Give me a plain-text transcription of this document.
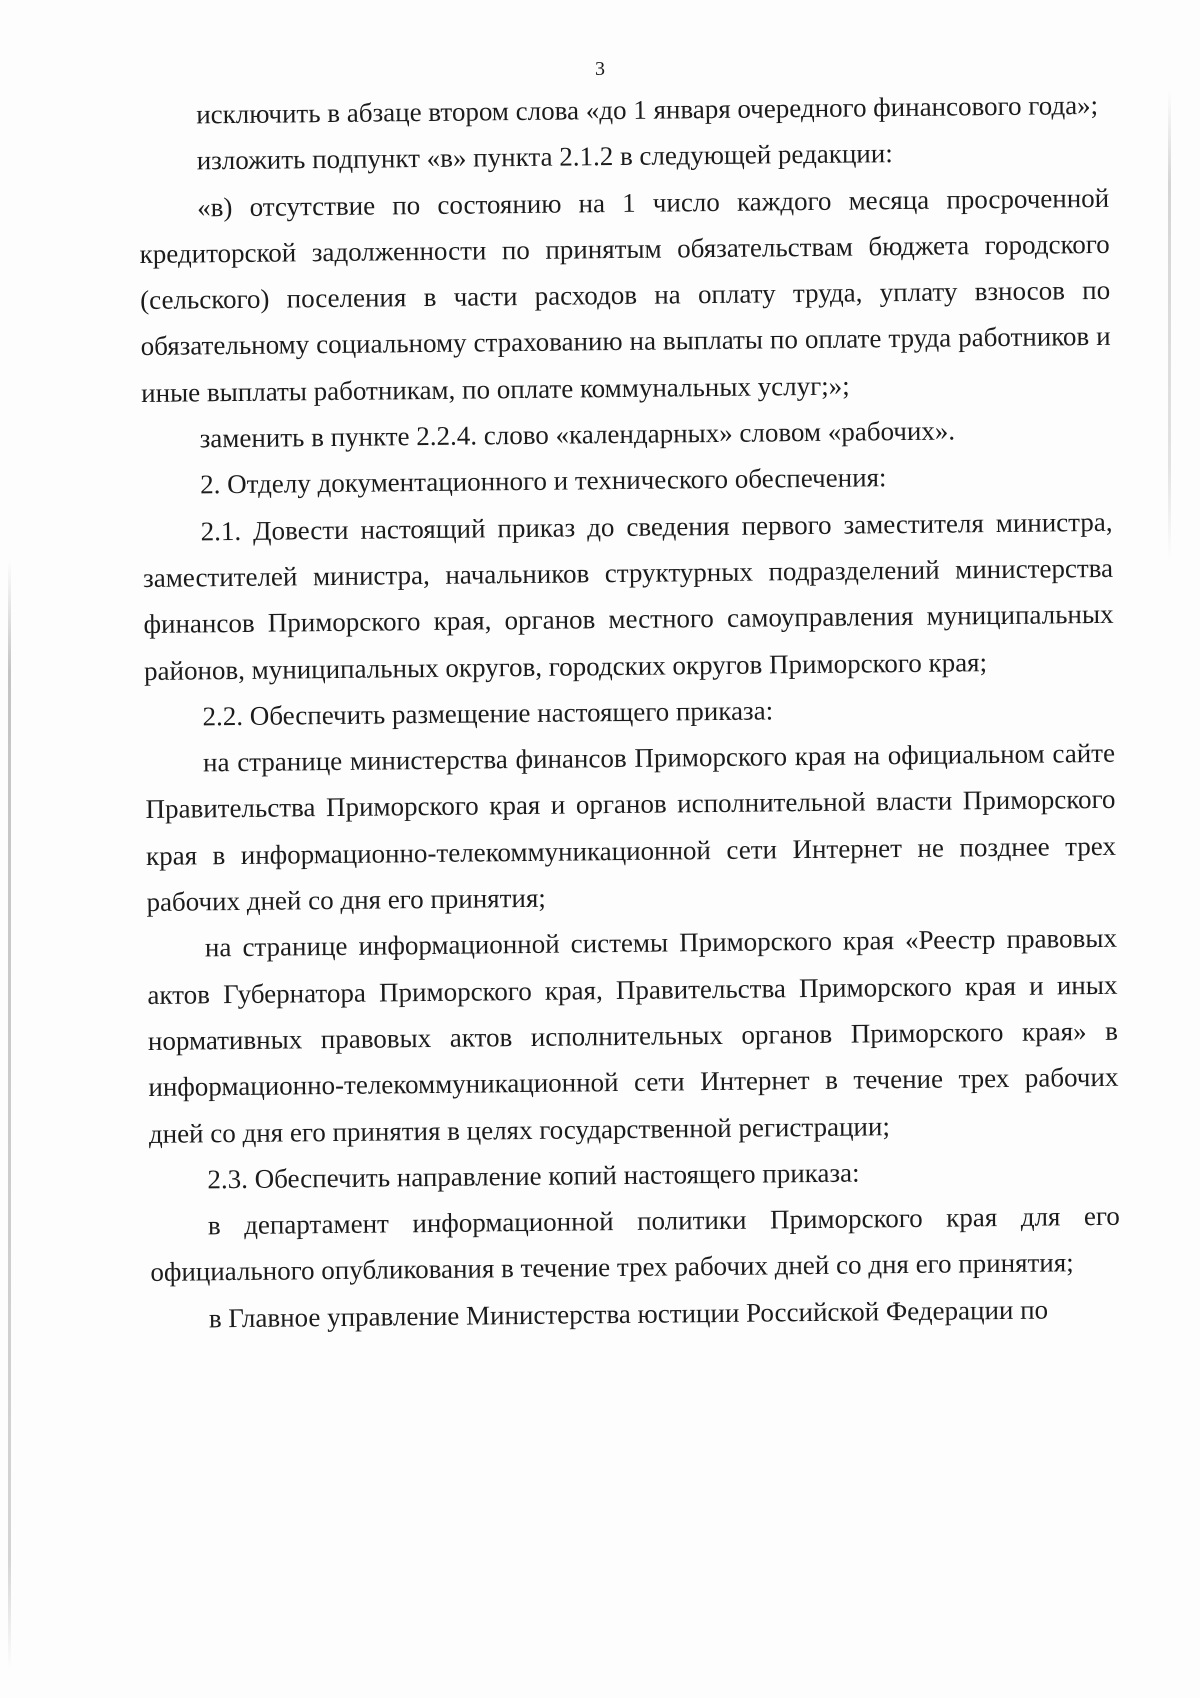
3

исключить в абзаце втором слова «до 1 января очередного финансового года»;

изложить подпункт «в» пункта 2.1.2 в следующей редакции:

«в) отсутствие по состоянию на 1 число каждого месяца просроченной кредиторской задолженности по принятым обязательствам бюджета городского (сельского) поселения в части расходов на оплату труда, уплату взносов по обязательному социальному страхованию на выплаты по оплате труда работников и иные выплаты работникам, по оплате коммунальных услуг;»;

заменить в пункте 2.2.4. слово «календарных» словом «рабочих».

2. Отделу документационного и технического обеспечения:

2.1. Довести настоящий приказ до сведения первого заместителя министра, заместителей министра, начальников структурных подразделений министерства финансов Приморского края, органов местного самоуправления муниципальных районов, муниципальных округов, городских округов Приморского края;

2.2. Обеспечить размещение настоящего приказа:

на странице министерства финансов Приморского края на официальном сайте Правительства Приморского края и органов исполнительной власти Приморского края в информационно-телекоммуникационной сети Интернет не позднее трех рабочих дней со дня его принятия;

на странице информационной системы Приморского края «Реестр правовых актов Губернатора Приморского края, Правительства Приморского края и иных нормативных правовых актов исполнительных органов Приморского края» в информационно-телекоммуникационной сети Интернет в течение трех рабочих дней со дня его принятия в целях государственной регистрации;

2.3. Обеспечить направление копий настоящего приказа:

в департамент информационной политики Приморского края для его официального опубликования в течение трех рабочих дней со дня его принятия;

в Главное управление Министерства юстиции Российской Федерации по
